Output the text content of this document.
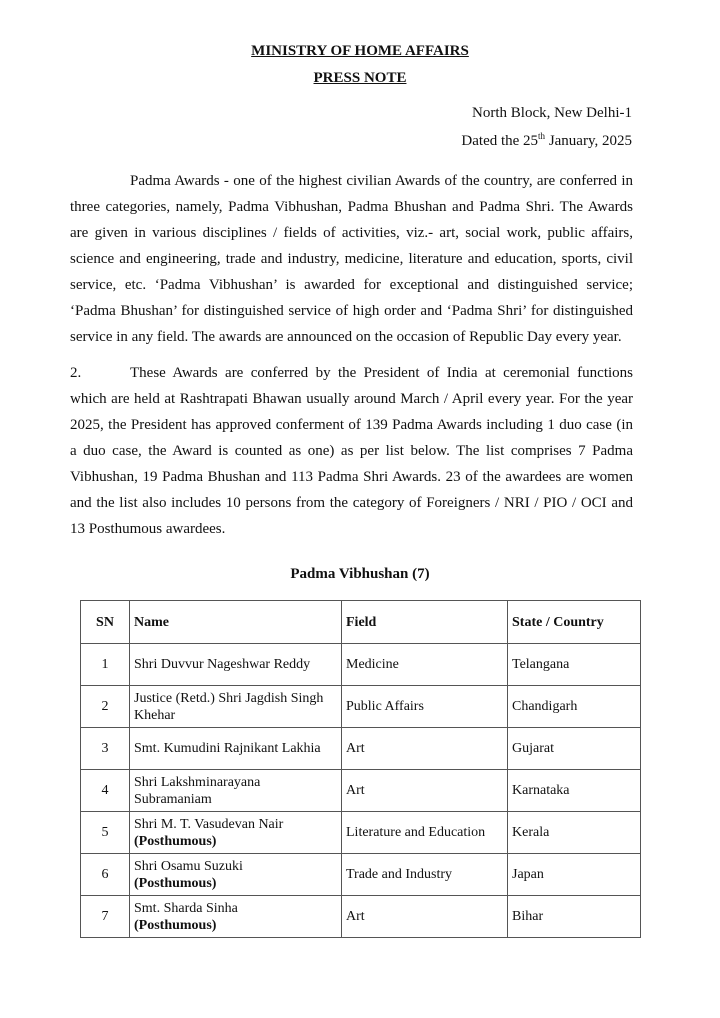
MINISTRY OF HOME AFFAIRS

PRESS NOTE

North Block, New Delhi-1
Dated the 25th January, 2025

Padma Awards - one of the highest civilian Awards of the country, are conferred in three categories, namely, Padma Vibhushan, Padma Bhushan and Padma Shri. The Awards are given in various disciplines / fields of activities, viz.- art, social work, public affairs, science and engineering, trade and industry, medicine, literature and education, sports, civil service, etc. ‘Padma Vibhushan’ is awarded for exceptional and distinguished service; ‘Padma Bhushan’ for distinguished service of high order and ‘Padma Shri’ for distinguished service in any field. The awards are announced on the occasion of Republic Day every year.

2.	These Awards are conferred by the President of India at ceremonial functions which are held at Rashtrapati Bhawan usually around March / April every year. For the year 2025, the President has approved conferment of 139 Padma Awards including 1 duo case (in a duo case, the Award is counted as one) as per list below. The list comprises 7 Padma Vibhushan, 19 Padma Bhushan and 113 Padma Shri Awards. 23 of the awardees are women and the list also includes 10 persons from the category of Foreigners / NRI / PIO / OCI and 13 Posthumous awardees.

Padma Vibhushan (7)
SN	Name	Field	State / Country
1	Shri Duvvur Nageshwar Reddy	Medicine	Telangana
2	Justice (Retd.) Shri Jagdish Singh Khehar	Public Affairs	Chandigarh
3	Smt. Kumudini Rajnikant Lakhia	Art	Gujarat
4	Shri Lakshminarayana Subramaniam	Art	Karnataka
5	Shri M. T. Vasudevan Nair
(Posthumous)	Literature and Education	Kerala
6	Shri Osamu Suzuki
(Posthumous)	Trade and Industry	Japan
7	Smt. Sharda Sinha
(Posthumous)	Art	Bihar
